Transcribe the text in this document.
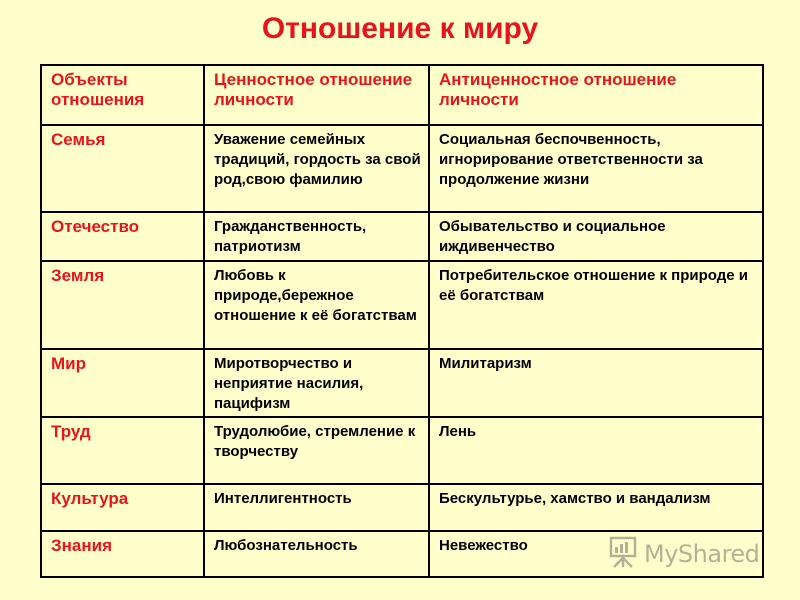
Отношение к миру
Объекты отношения	Ценностное отношение личности	Антиценностное отношение личности
Семья	Уважение семейных традиций, гордость за свой род,свою фамилию	Социальная беспочвенность, игнорирование ответственности за продолжение жизни
Отечество	Гражданственность, патриотизм	Обывательство и социальное иждивенчество
Земля	Любовь к природе,бережное отношение к её богатствам	Потребительское отношение к природе и её богатствам
Мир	Миротворчество и неприятие насилия, пацифизм	Милитаризм
Труд	Трудолюбие, стремление к творчеству	Лень
Культура	Интеллигентность	Бескультурье, хамство и вандализм
Знания	Любознательность	Невежество	MyShared
